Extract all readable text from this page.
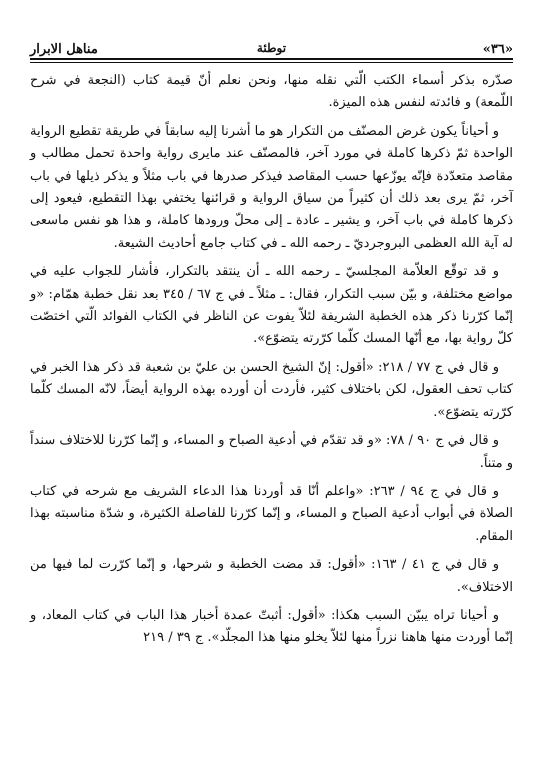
«٣٦»
توطئة
مناهل الابرار

صدّره بذكر أسماء الكتب الّتي نقله منها، ونحن نعلم أنّ قيمة كتاب (النجعة في شرح اللّمعة) و فائدته لنفس هذه الميزة.

و أحياناً يكون غرض المصنّف من التكرار هو ما أشرنا إليه سابقاً في طريقة تقطيع الرواية الواحدة ثمّ ذكرها كاملة في مورد آخر، فالمصنّف عند مايرى رواية واحدة تحمل مطالب و مقاصد متعدّدة فإنّه يوزّعها حسب المقاصد فيذكر صدرها في باب مثلاً و يذكر ذيلها في باب آخر، ثمّ يرى بعد ذلك أن كثيراً من سياق الرواية و قرائنها يختفي بهذا التقطيع، فيعود إلى ذكرها كاملة في باب آخر، و يشير ـ عادة ـ إلى محلّ ورودها كاملة، و هذا هو نفس ماسعى له آية الله العظمى البروجرديّ ـ رحمه الله ـ في كتاب جامع أحاديث الشيعة.

و قد توقّع العلاّمة المجلسيّ ـ رحمه الله ـ أن ينتقد بالتكرار، فأشار للجواب عليه في مواضع مختلفة، و بيّن سبب التكرار، فقال: ـ مثلاً ـ في ج ٦٧ / ٣٤٥ بعد نقل خطبة همّام: «و إنّما كرّرنا ذكر هذه الخطبة الشريفة لئلاّ يفوت عن الناظر في الكتاب الفوائد الّتي اختصّت كلّ رواية بها، مع أنّها المسك كلّما كرّرته يتضوّع».

و قال في ج ٧٧ / ٢١٨: «أقول: إنّ الشيخ الحسن بن عليّ بن شعبة قد ذكر هذا الخبر في كتاب تحف العقول، لكن باختلاف كثير، فأردت أن أورده بهذه الرواية أيضاً، لانّه المسك كلّما كرّرته يتضوّع».

و قال في ج ٩٠ / ٧٨: «و قد تقدّم في أدعية الصباح و المساء، و إنّما كرّرنا للاختلاف سنداً و متناً.

و قال في ج ٩٤ / ٢٦٣: «واعلم أنّا قد أوردنا هذا الدعاء الشريف مع شرحه في كتاب الصلاة في أبواب أدعية الصباح و المساء، و إنّما كرّرنا للفاصلة الكثيرة، و شدّة مناسبته بهذا المقام.

و قال في ج ٤١ / ١٦٣: «أقول: قد مضت الخطبة و شرحها، و إنّما كرّرت لما فيها من الاختلاف».

و أحيانا تراه يبيّن السبب هكذا: «أقول: أثبتّ عمدة أخبار هذا الباب في كتاب المعاد، و إنّما أوردت منها هاهنا نزراً منها لئلاّ يخلو منها هذا المجلّد». ج ٣٩ / ٢١٩
